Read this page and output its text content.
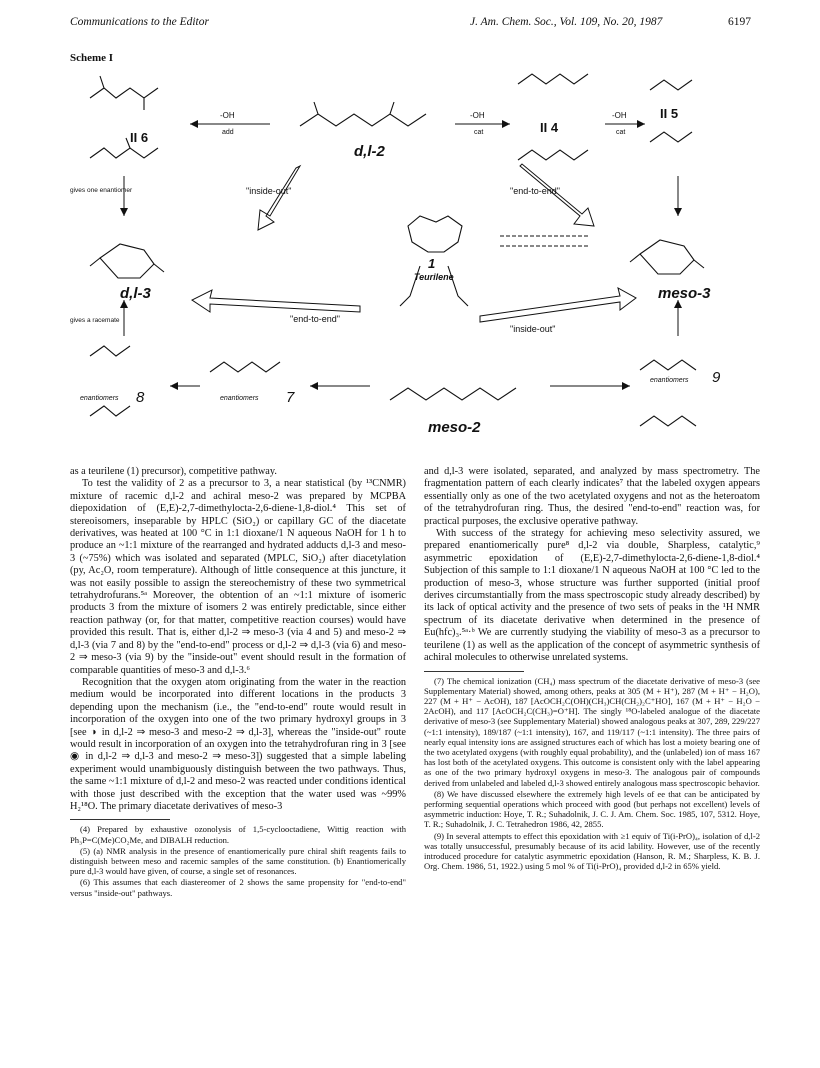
Communications to the Editor	J. Am. Chem. Soc., Vol. 109, No. 20, 1987	6197
Scheme I
II 6
II 4
II 5
d,l-2
1
Teurilene
d,l-3	meso-3
meso-2
8	7
9
enantiomers	enantiomers
enantiomers
-OH
add
-OH
cat
-OH
cat
"inside-out"	"end-to-end"
"end-to-end"
"inside-out"
gives one enantiomer
gives a racemate

as a teurilene (1) precursor), competitive pathway.

To test the validity of 2 as a precursor to 3, a near statistical (by ¹³CNMR) mixture of racemic d,l-2 and achiral meso-2 was prepared by MCPBA diepoxidation of (E,E)-2,7-dimethylocta-2,6-diene-1,8-diol.⁴ This set of stereoisomers, inseparable by HPLC (SiO₂) or capillary GC of the diacetate derivatives, was heated at 100 °C in 1:1 dioxane/1 N aqueous NaOH for 1 h to produce an ~1:1 mixture of the rearranged and hydrated adducts d,l-3 and meso-3 (~75%) which was isolated and separated (MPLC, SiO₂) after diacetylation (py, Ac₂O, room temperature). Although of little consequence at this juncture, it was not easily possible to assign the stereochemistry of these two symmetrical tetrahydrofurans.⁵ᵃ Moreover, the obtention of an ~1:1 mixture of isomeric products 3 from the mixture of isomers 2 was entirely predictable, since either reaction pathway (or, for that matter, competitive reaction courses) would have provided this result. That is, either d,l-2 ⇒ meso-3 (via 4 and 5) and meso-2 ⇒ d,l-3 (via 7 and 8) by the "end-to-end" process or d,l-2 ⇒ d,l-3 (via 6) and meso-2 ⇒ meso-3 (via 9) by the "inside-out" event should result in the formation of comparable quantities of meso-3 and d,l-3.⁶

Recognition that the oxygen atom originating from the water in the reaction medium would be incorporated into different locations in the products 3 depending upon the mechanism (i.e., the "end-to-end" route would result in incorporation of the oxygen into one of the two primary hydroxyl groups in 3 [see ◑ in d,l-2 ⇒ meso-3 and meso-2 ⇒ d,l-3], whereas the "inside-out" route would result in incorporation of an oxygen into the tetrahydrofuran ring in 3 [see ◉ in d,l-2 ⇒ d,l-3 and meso-2 ⇒ meso-3]) suggested that a simple labeling experiment would unambiguously distinguish between the two pathways. Thus, the same ~1:1 mixture of d,l-2 and meso-2 was reacted under conditions identical with those just described with the exception that the water used was ~99% H₂¹⁸O. The primary diacetate derivatives of meso-3

(4) Prepared by exhaustive ozonolysis of 1,5-cyclooctadiene, Wittig reaction with Ph₃P=C(Me)CO₂Me, and DIBALH reduction.

(5) (a) NMR analysis in the presence of enantiomerically pure chiral shift reagents fails to distinguish between meso and racemic samples of the same constitution. (b) Enantiomerically pure d,l-3 would have given, of course, a single set of resonances.

(6) This assumes that each diastereomer of 2 shows the same propensity for "end-to-end" versus "inside-out" pathways.

and d,l-3 were isolated, separated, and analyzed by mass spectrometry. The fragmentation pattern of each clearly indicates⁷ that the labeled oxygen appears essentially only as one of the two acetylated oxygens and not as the heteroatom of the tetrahydrofuran ring. Thus, the desired "end-to-end" reaction was, for practical purposes, the exclusive operative pathway.

With success of the strategy for achieving meso selectivity assured, we prepared enantiomerically pure⁸ d,l-2 via double, Sharpless, catalytic,⁹ asymmetric epoxidation of (E,E)-2,7-dimethylocta-2,6-diene-1,8-diol.⁴ Subjection of this sample to 1:1 dioxane/1 N aqueous NaOH at 100 °C led to the production of meso-3, whose structure was further supported (initial proof derives circumstantially from the mass spectroscopic study already described) by its lack of optical activity and the presence of two sets of peaks in the ¹H NMR spectrum of its diacetate derivative when determined in the presence of Eu(hfc)₃.⁵ᵃ·ᵇ We are currently studying the viability of meso-3 as a precursor to teurilene (1) as well as the application of the concept of asymmetric synthesis of achiral molecules to otherwise unrelated systems.

(7) The chemical ionization (CH₄) mass spectrum of the diacetate derivative of meso-3 (see Supplementary Material) showed, among others, peaks at 305 (M + H⁺), 287 (M + H⁺ − H₂O), 227 (M + H⁺ − AcOH), 187 [AcOCH₂C(OH)(CH₃)CH(CH₂)₂C⁺HO], 167 (M + H⁺ − H₂O − 2AcOH), and 117 [AcOCH₂C(CH₃)=O⁺H]. The singly ¹⁸O-labeled analogue of the diacetate derivative of meso-3 (see Supplementary Material) showed analogous peaks at 307, 289, 229/227 (~1:1 intensity), 189/187 (~1:1 intensity), 167, and 119/117 (~1:1 intensity). The three pairs of nearly equal intensity ions are assigned structures each of which has lost a moiety bearing one of the two acetylated oxygens (with roughly equal probability), and the (unlabeled) ion of mass 167 has lost both of the acetylated oxygens. This outcome is consistent only with the label appearing as one of the two primary hydroxyl oxygens in meso-3. The analogous pair of compounds derived from unlabeled and labeled d,l-3 showed entirely analogous mass spectroscopic behavior.

(8) We have discussed elsewhere the extremely high levels of ee that can be anticipated by performing sequential operations which proceed with good (but perhaps not excellent) levels of asymmetric induction: Hoye, T. R.; Suhadolnik, J. C. J. Am. Chem. Soc. 1985, 107, 5312. Hoye, T. R.; Suhadolnik, J. C. Tetrahedron 1986, 42, 2855.

(9) In several attempts to effect this epoxidation with ≥1 equiv of Ti(i-PrO)₄, isolation of d,l-2 was totally unsuccessful, presumably because of its acid lability. However, use of the recently introduced procedure for catalytic asymmetric epoxidation (Hanson, R. M.; Sharpless, K. B. J. Org. Chem. 1986, 51, 1922.) using 5 mol % of Ti(i-PrO)₄ provided d,l-2 in 65% yield.
